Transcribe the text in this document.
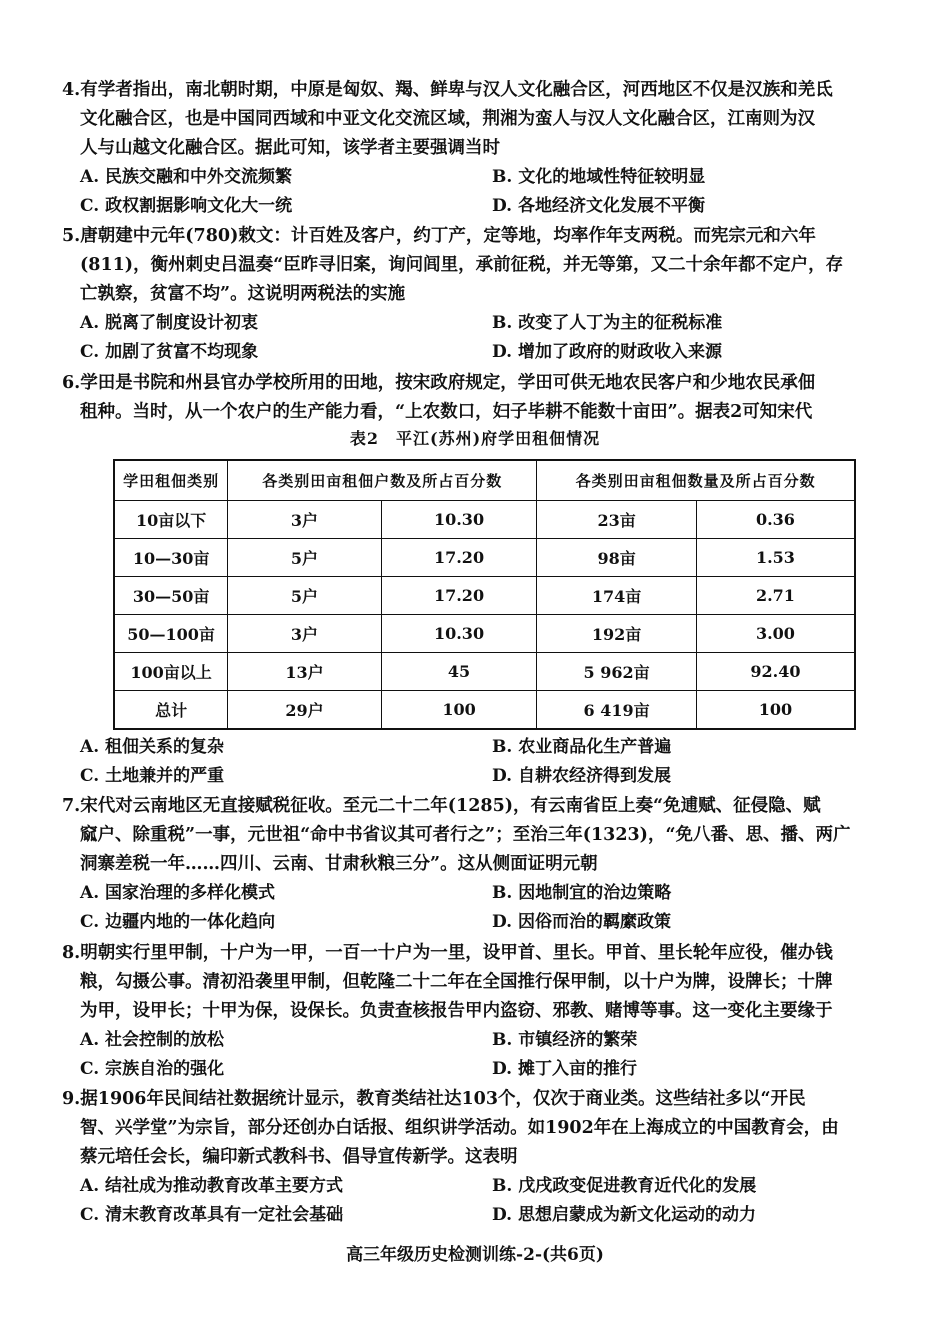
4.有学者指出，南北朝时期，中原是匈奴、羯、鲜卑与汉人文化融合区，河西地区不仅是汉族和羌氐
文化融合区，也是中国同西域和中亚文化交流区域，荆湘为蛮人与汉人文化融合区，江南则为汉
人与山越文化融合区。据此可知，该学者主要强调当时

A. 民族交融和中外交流频繁	B. 文化的地域性特征较明显
C. 政权割据影响文化大一统	D. 各地经济文化发展不平衡

5.唐朝建中元年(780)敕文：计百姓及客户，约丁产，定等地，均率作年支两税。而宪宗元和六年
(811)，衡州刺史吕温奏“臣昨寻旧案，询问闾里，承前征税，并无等第，又二十余年都不定户，存
亡孰察，贫富不均”。这说明两税法的实施

A. 脱离了制度设计初衷	B. 改变了人丁为主的征税标准
C. 加剧了贫富不均现象	D. 增加了政府的财政收入来源

6.学田是书院和州县官办学校所用的田地，按宋政府规定，学田可供无地农民客户和少地农民承佃
租种。当时，从一个农户的生产能力看，“上农数口，妇子毕耕不能数十亩田”。据表2可知宋代

表2　平江(苏州)府学田租佃情况
学田租佃类别	各类别田亩租佃户数及所占百分数		各类别田亩租佃数量及所占百分数	
10亩以下	3户	10.30	23亩	0.36
10—30亩	5户	17.20	98亩	1.53
30—50亩	5户	17.20	174亩	2.71
50—100亩	3户	10.30	192亩	3.00
100亩以上	13户	45	5 962亩	92.40
总计	29户	100	6 419亩	100
A. 租佃关系的复杂	B. 农业商品化生产普遍
C. 土地兼并的严重	D. 自耕农经济得到发展

7.宋代对云南地区无直接赋税征收。至元二十二年(1285)，有云南省臣上奏“免逋赋、征侵隐、赋
窳户、除重税”一事，元世祖“命中书省议其可者行之”；至治三年(1323)，“免八番、思、播、两广
洞寨差税一年……四川、云南、甘肃秋粮三分”。这从侧面证明元朝

A. 国家治理的多样化模式	B. 因地制宜的治边策略
C. 边疆内地的一体化趋向	D. 因俗而治的羁縻政策

8.明朝实行里甲制，十户为一甲，一百一十户为一里，设甲首、里长。甲首、里长轮年应役，催办钱
粮，勾摄公事。清初沿袭里甲制，但乾隆二十二年在全国推行保甲制，以十户为牌，设牌长；十牌
为甲，设甲长；十甲为保，设保长。负责查核报告甲内盗窃、邪教、赌博等事。这一变化主要缘于

A. 社会控制的放松	B. 市镇经济的繁荣
C. 宗族自治的强化	D. 摊丁入亩的推行

9.据1906年民间结社数据统计显示，教育类结社达103个，仅次于商业类。这些结社多以“开民
智、兴学堂”为宗旨，部分还创办白话报、组织讲学活动。如1902年在上海成立的中国教育会，由
蔡元培任会长，编印新式教科书、倡导宣传新学。这表明

A. 结社成为推动教育改革主要方式	B. 戊戌政变促进教育近代化的发展
C. 清末教育改革具有一定社会基础	D. 思想启蒙成为新文化运动的动力
高三年级历史检测训练-2-(共6页)
